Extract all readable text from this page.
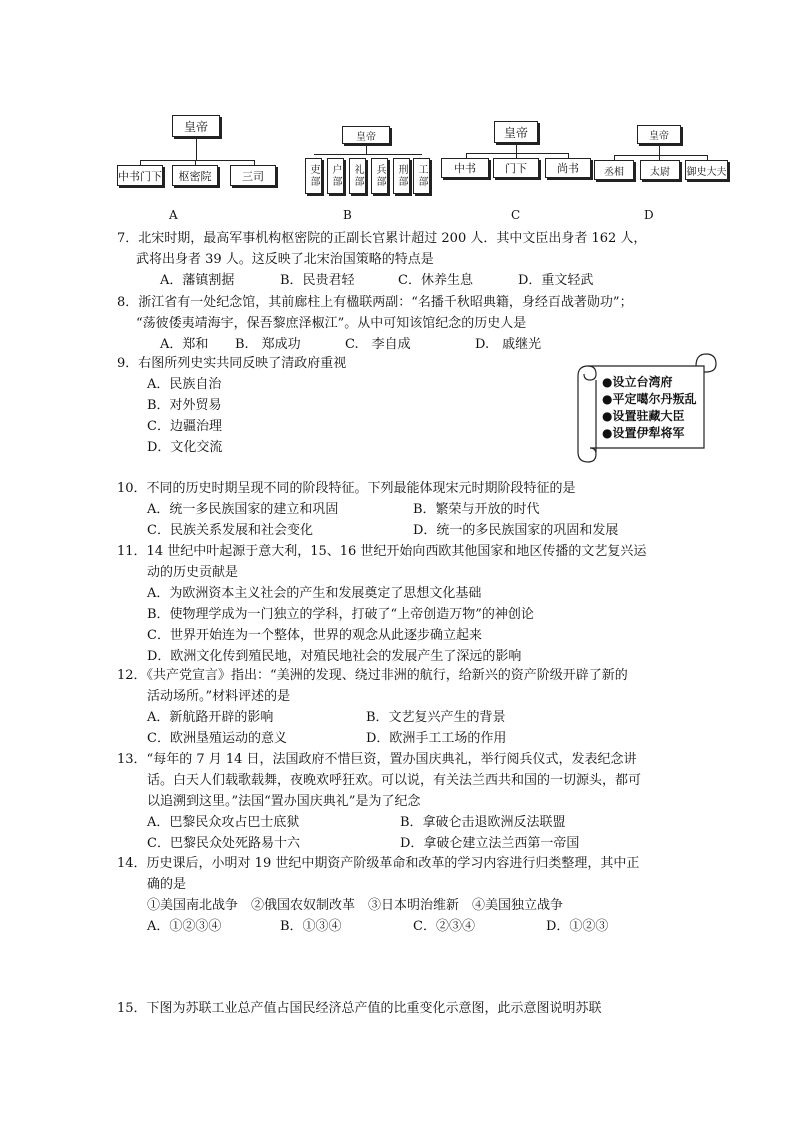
皇帝
中书门下	枢密院	三司
A
皇帝
吏部	户部	礼部	兵部	刑部 工部
B
皇帝
中书	门下	尚书
C
皇帝
丞相	太尉	御史大夫
D
7．北宋时期，最高军事机构枢密院的正副长官累计超过 200 人．其中文臣出身者 162 人，
武将出身者 39 人。这反映了北宋治国策略的特点是
A．藩镇割据	B．民贵君轻	C．休养生息	D．重文轻武
8．浙江省有一处纪念馆，其前廊柱上有楹联两副：“名播千秋昭典籍，身经百战著勋功”；
“荡彼倭夷靖海宇，保吾黎庶泽椒江”。从中可知该馆纪念的历史人是
A．郑和 B.　郑成功	C.　李自成	D.　戚继光
9．右图所列史实共同反映了清政府重视
A．民族自治
B．对外贸易
C．边疆治理
D．文化交流
●设立台湾府
●平定噶尔丹叛乱
●设置驻藏大臣
●设置伊犁将军
10．不同的历史时期呈现不同的阶段特征。下列最能体现宋元时期阶段特征的是
A．统一多民族国家的建立和巩固	B．繁荣与开放的时代
C．民族关系发展和社会变化	D．统一的多民族国家的巩固和发展
11．14 世纪中叶起源于意大利，15、16 世纪开始向西欧其他国家和地区传播的文艺复兴运
动的历史贡献是
A．为欧洲资本主义社会的产生和发展奠定了思想文化基础
B．使物理学成为一门独立的学科，打破了“上帝创造万物”的神创论
C．世界开始连为一个整体，世界的观念从此逐步确立起来
D．欧洲文化传到殖民地，对殖民地社会的发展产生了深远的影响
12．《共产党宣言》指出：“美洲的发现、绕过非洲的航行，给新兴的资产阶级开辟了新的
活动场所。”材料评述的是
A．新航路开辟的影响	B．文艺复兴产生的背景
C．欧洲垦殖运动的意义	D．欧洲手工工场的作用
13．“每年的 7 月 14 日，法国政府不惜巨资，置办国庆典礼，举行阅兵仪式，发表纪念讲
话。白天人们载歌载舞，夜晚欢呼狂欢。可以说，有关法兰西共和国的一切源头，都可
以追溯到这里。”法国“置办国庆典礼”是为了纪念
A．巴黎民众攻占巴士底狱	B．拿破仑击退欧洲反法联盟
C．巴黎民众处死路易十六	D．拿破仑建立法兰西第一帝国
14．历史课后，小明对 19 世纪中期资产阶级革命和改革的学习内容进行归类整理，其中正
确的是
①美国南北战争　②俄国农奴制改革　③日本明治维新　④美国独立战争
A．①②③④	B．①③④	C．②③④	D．①②③
15．下图为苏联工业总产值占国民经济总产值的比重变化示意图，此示意图说明苏联
